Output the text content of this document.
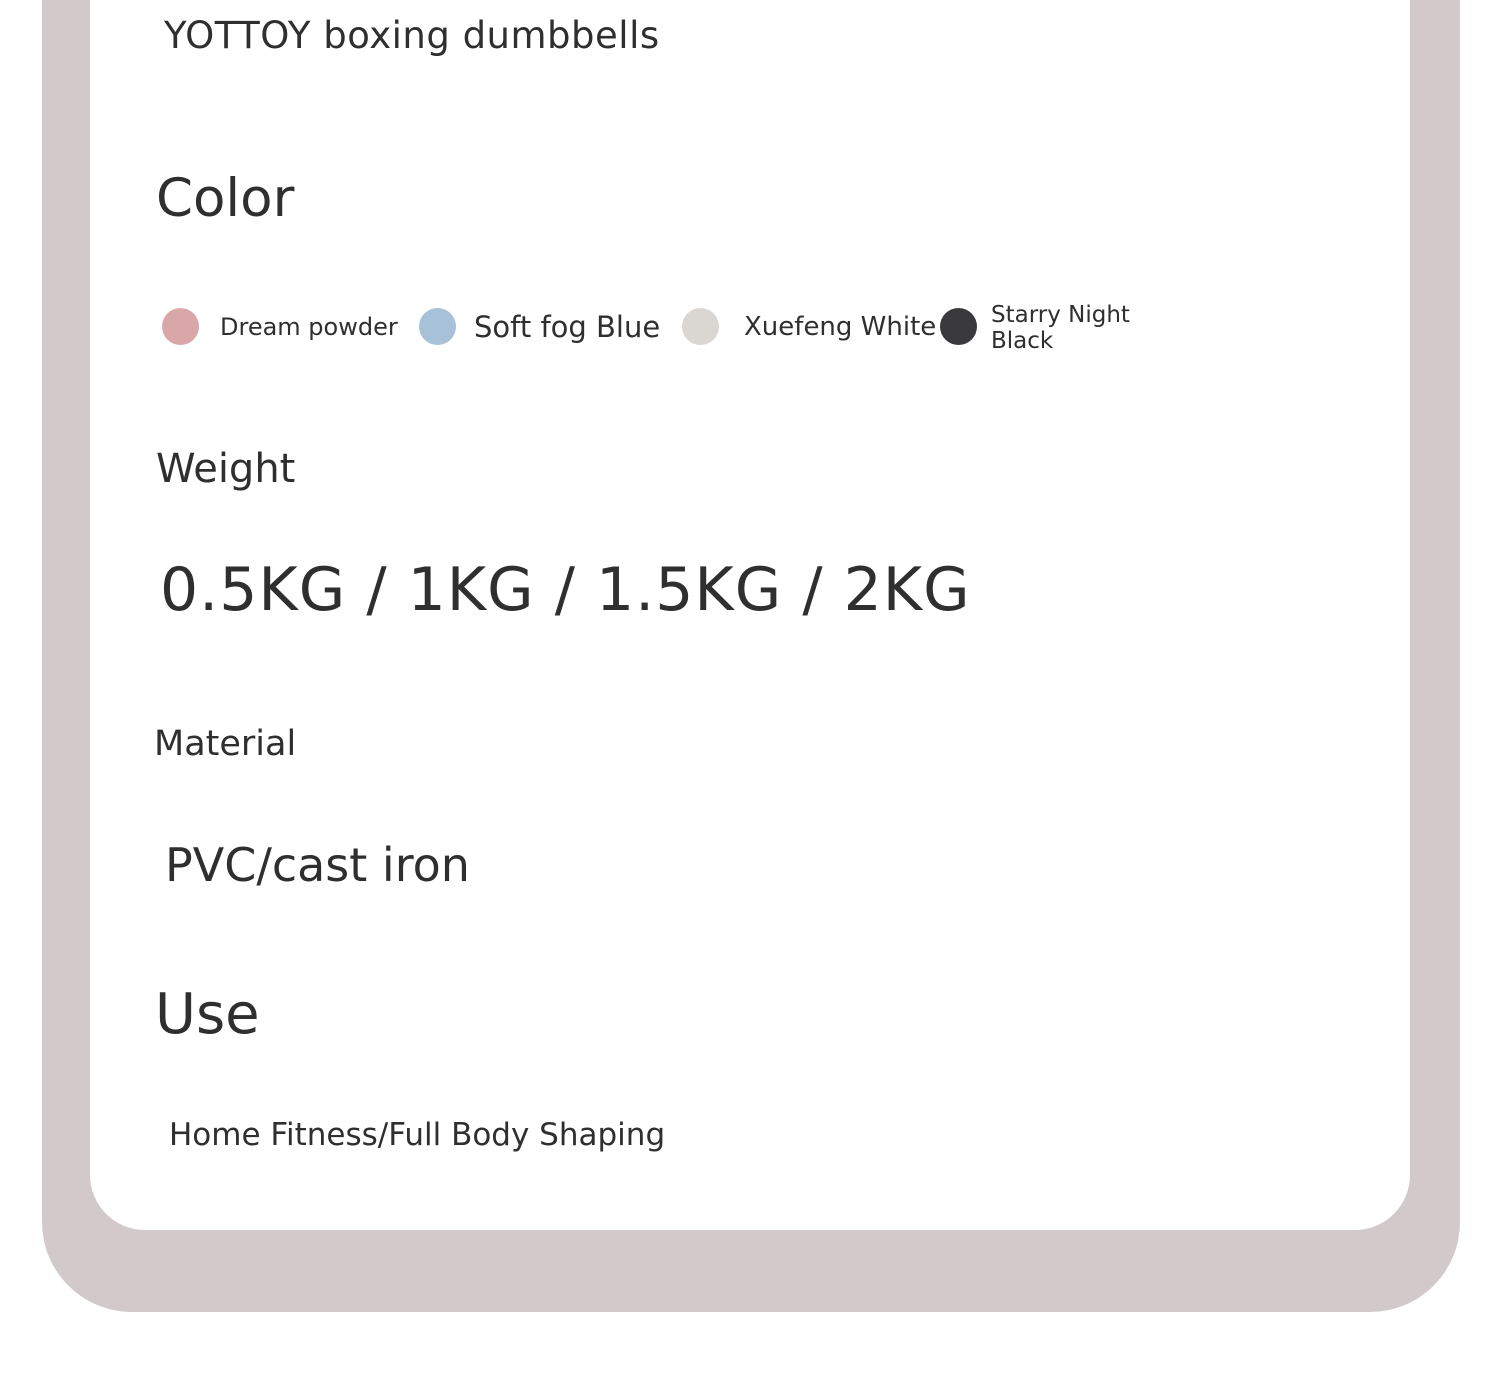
YOTTOY boxing dumbbells
Color
Dream powder	Soft fog Blue	Xuefeng White Starry Night
Black
Weight
0.5KG / 1KG / 1.5KG / 2KG
Material
PVC/cast iron
Use
Home Fitness/Full Body Shaping
